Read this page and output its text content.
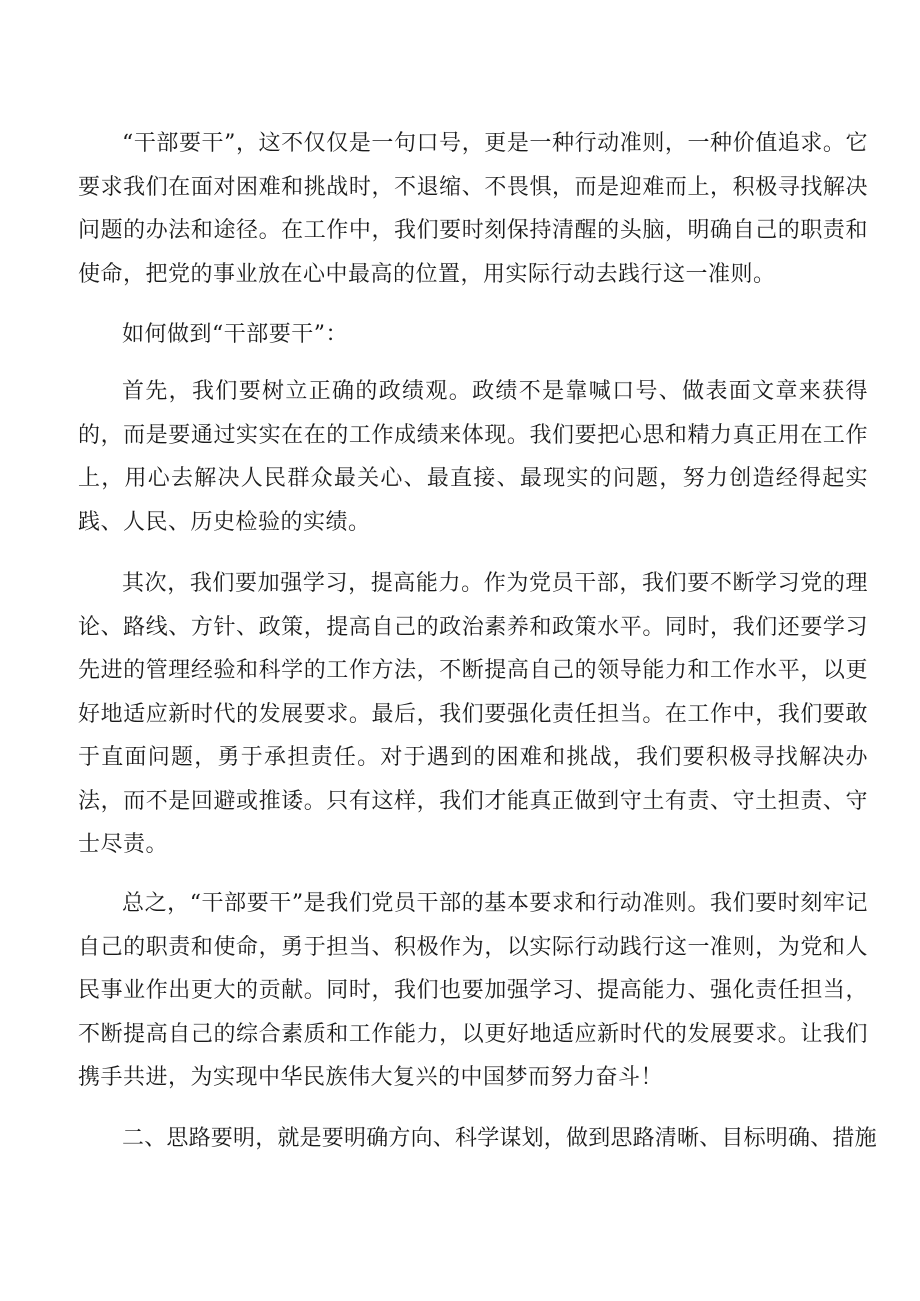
“干部要干”，这不仅仅是一句口号，更是一种行动准则，一种价值追求。它要求我们在面对困难和挑战时，不退缩、不畏惧，而是迎难而上，积极寻找解决问题的办法和途径。在工作中，我们要时刻保持清醒的头脑，明确自己的职责和使命，把党的事业放在心中最高的位置，用实际行动去践行这一准则。

如何做到“干部要干”：

首先，我们要树立正确的政绩观。政绩不是靠喊口号、做表面文章来获得的，而是要通过实实在在的工作成绩来体现。我们要把心思和精力真正用在工作上，用心去解决人民群众最关心、最直接、最现实的问题，努力创造经得起实践、人民、历史检验的实绩。

其次，我们要加强学习，提高能力。作为党员干部，我们要不断学习党的理论、路线、方针、政策，提高自己的政治素养和政策水平。同时，我们还要学习先进的管理经验和科学的工作方法，不断提高自己的领导能力和工作水平，以更好地适应新时代的发展要求。最后，我们要强化责任担当。在工作中，我们要敢于直面问题，勇于承担责任。对于遇到的困难和挑战，我们要积极寻找解决办法，而不是回避或推诿。只有这样，我们才能真正做到守土有责、守土担责、守士尽责。

总之，“干部要干”是我们党员干部的基本要求和行动准则。我们要时刻牢记自己的职责和使命，勇于担当、积极作为，以实际行动践行这一准则，为党和人民事业作出更大的贡献。同时，我们也要加强学习、提高能力、强化责任担当，不断提高自己的综合素质和工作能力，以更好地适应新时代的发展要求。让我们携手共进，为实现中华民族伟大复兴的中国梦而努力奋斗！

二、思路要明，就是要明确方向、科学谋划，做到思路清晰、目标明确、措施
